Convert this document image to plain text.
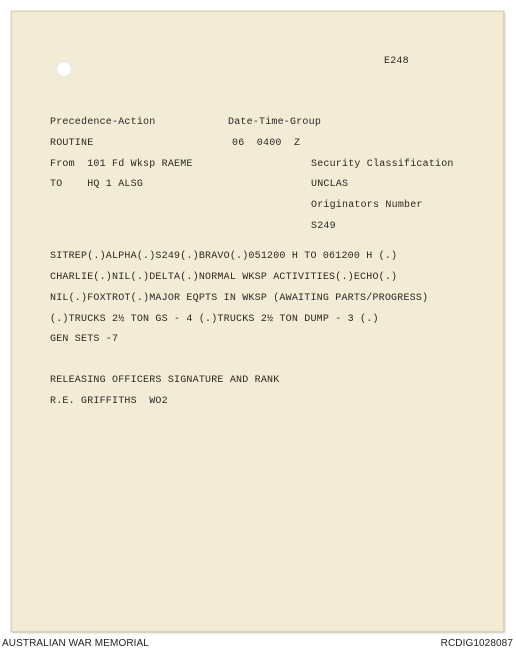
E248
Precedence-Action	Date-Time-Group
ROUTINE	06  0400  Z
From  101 Fd Wksp RAEME	Security Classification
TO    HQ 1 ALSG	UNCLAS
Originators Number
S249
SITREP(.)ALPHA(.)S249(.)BRAVO(.)051200 H TO 061200 H (.)
CHARLIE(.)NIL(.)DELTA(.)NORMAL WKSP ACTIVITIES(.)ECHO(.)
NIL(.)FOXTROT(.)MAJOR EQPTS IN WKSP (AWAITING PARTS/PROGRESS)
(.)TRUCKS 2½ TON GS - 4 (.)TRUCKS 2½ TON DUMP - 3 (.)
GEN SETS -7
RELEASING OFFICERS SIGNATURE AND RANK
R.E. GRIFFITHS  WO2
AUSTRALIAN WAR MEMORIAL	RCDIG1028087
